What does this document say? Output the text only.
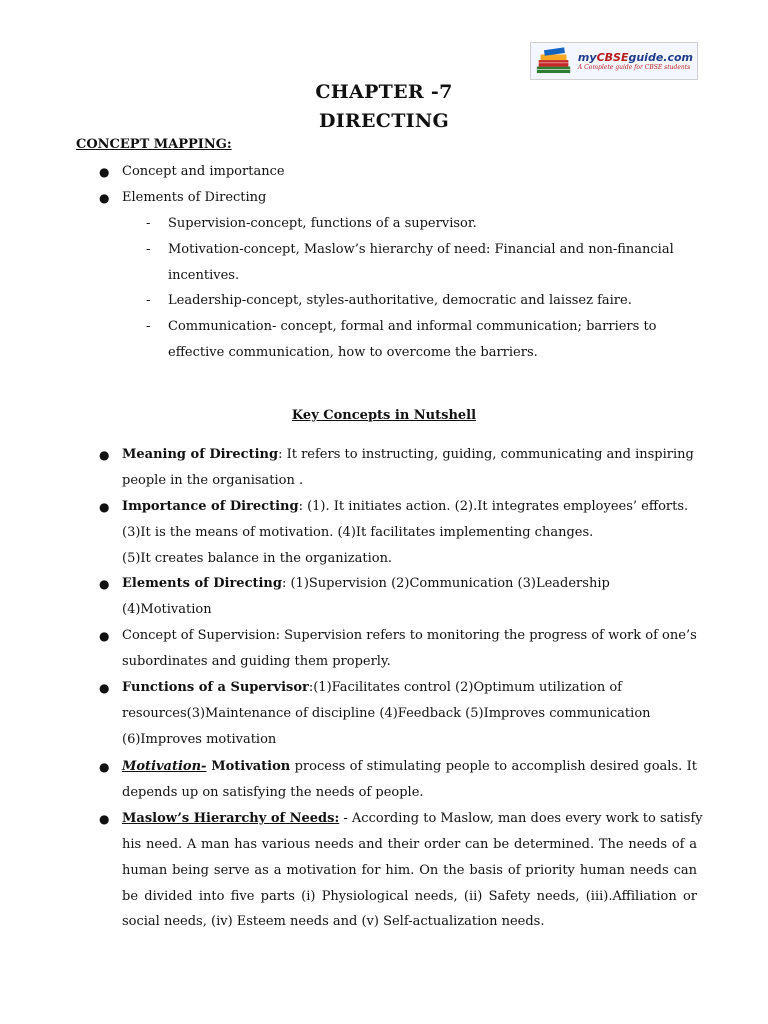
myCBSEguide.com
A Complete guide for CBSE students
CHAPTER -7
DIRECTING
CONCEPT MAPPING:
● Concept and importance
● Elements of Directing
- Supervision-concept, functions of a supervisor.
- Motivation-concept, Maslow’s hierarchy of need: Financial and non-financial
incentives.
- Leadership-concept, styles-authoritative, democratic and laissez faire.
- Communication- concept, formal and informal communication; barriers to
effective communication, how to overcome the barriers.
Key Concepts in Nutshell
● Meaning of Directing: It refers to instructing, guiding, communicating and inspiring
people in the organisation .
● Importance of Directing: (1). It initiates action. (2).It integrates employees’ efforts.
(3)It is the means of motivation. (4)It facilitates implementing changes.
(5)It creates balance in the organization.
● Elements of Directing: (1)Supervision (2)Communication (3)Leadership
(4)Motivation
● Concept of Supervision: Supervision refers to monitoring the progress of work of one’s
subordinates and guiding them properly.
● Functions of a Supervisor:(1)Facilitates control (2)Optimum utilization of
resources(3)Maintenance of discipline (4)Feedback (5)Improves communication
(6)Improves motivation
● Motivation- Motivation process of stimulating people to accomplish desired goals. It
depends up on satisfying the needs of people.
● Maslow’s Hierarchy of Needs: - According to Maslow, man does every work to satisfy
his need. A man has various needs and their order can be determined. The needs of a
human being serve as a motivation for him. On the basis of priority human needs can
be divided into five parts (i) Physiological needs, (ii) Safety needs, (iii).Affiliation or
social needs, (iv) Esteem needs and (v) Self-actualization needs.
